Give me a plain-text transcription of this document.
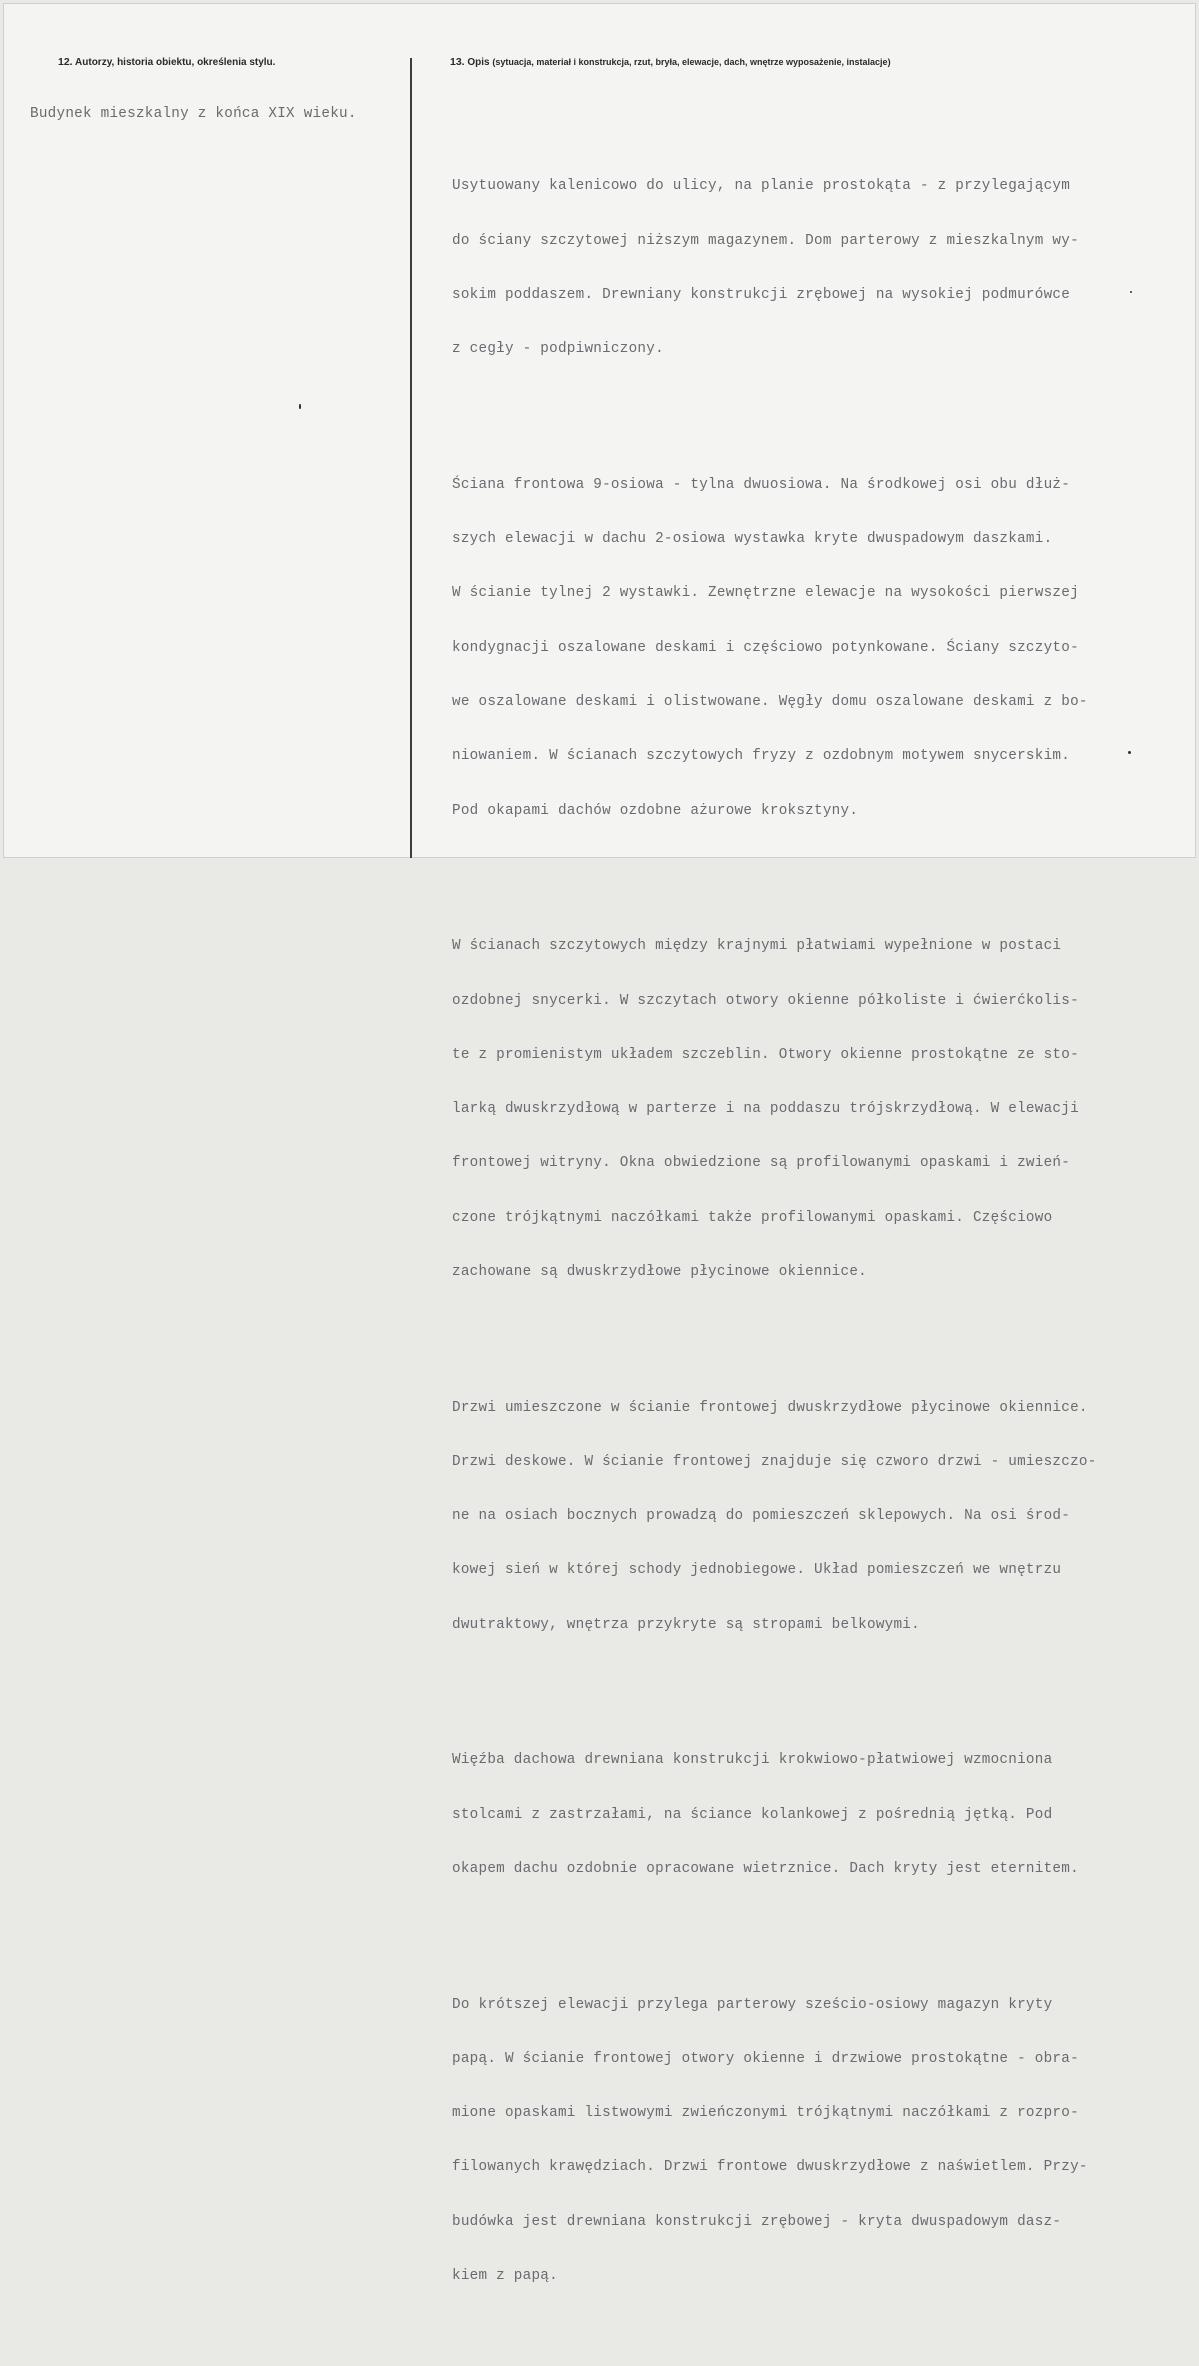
12. Autorzy, historia obiektu, określenia stylu.	13. Opis (sytuacja, materiał i konstrukcja, rzut, bryła, elewacje, dach, wnętrze wyposażenie, instalacje)
Budynek mieszkalny z końca XIX wieku.

Usytuowany kalenicowo do ulicy, na planie prostokąta - z przylegającym

do ściany szczytowej niższym magazynem. Dom parterowy z mieszkalnym wy-

sokim poddaszem. Drewniany konstrukcji zrębowej na wysokiej podmurówce

z cegły - podpiwniczony.

Ściana frontowa 9-osiowa - tylna dwuosiowa. Na środkowej osi obu dłuż-

szych elewacji w dachu 2-osiowa wystawka kryte dwuspadowym daszkami.

W ścianie tylnej 2 wystawki. Zewnętrzne elewacje na wysokości pierwszej

kondygnacji oszalowane deskami i częściowo potynkowane. Ściany szczyto-

we oszalowane deskami i olistwowane. Węgły domu oszalowane deskami z bo-

niowaniem. W ścianach szczytowych fryzy z ozdobnym motywem snycerskim.

Pod okapami dachów ozdobne ażurowe kroksztyny.

W ścianach szczytowych między krajnymi płatwiami wypełnione w postaci

ozdobnej snycerki. W szczytach otwory okienne półkoliste i ćwierćkolis-

te z promienistym układem szczeblin. Otwory okienne prostokątne ze sto-

larką dwuskrzydłową w parterze i na poddaszu trójskrzydłową. W elewacji

frontowej witryny. Okna obwiedzione są profilowanymi opaskami i zwień-

czone trójkątnymi naczółkami także profilowanymi opaskami. Częściowo

zachowane są dwuskrzydłowe płycinowe okiennice.

Drzwi umieszczone w ścianie frontowej dwuskrzydłowe płycinowe okiennice.

Drzwi deskowe. W ścianie frontowej znajduje się czworo drzwi - umieszczo-

ne na osiach bocznych prowadzą do pomieszczeń sklepowych. Na osi środ-

kowej sień w której schody jednobiegowe. Układ pomieszczeń we wnętrzu

dwutraktowy, wnętrza przykryte są stropami belkowymi.

Więźba dachowa drewniana konstrukcji krokwiowo-płatwiowej wzmocniona

stolcami z zastrzałami, na ściance kolankowej z pośrednią jętką. Pod

okapem dachu ozdobnie opracowane wietrznice. Dach kryty jest eternitem.

Do krótszej elewacji przylega parterowy sześcio-osiowy magazyn kryty

papą. W ścianie frontowej otwory okienne i drzwiowe prostokątne - obra-

mione opaskami listwowymi zwieńczonymi trójkątnymi naczółkami z rozpro-

filowanych krawędziach. Drzwi frontowe dwuskrzydłowe z naświetlem. Przy-

budówka jest drewniana konstrukcji zrębowej - kryta dwuspadowym dasz-

kiem z papą.
